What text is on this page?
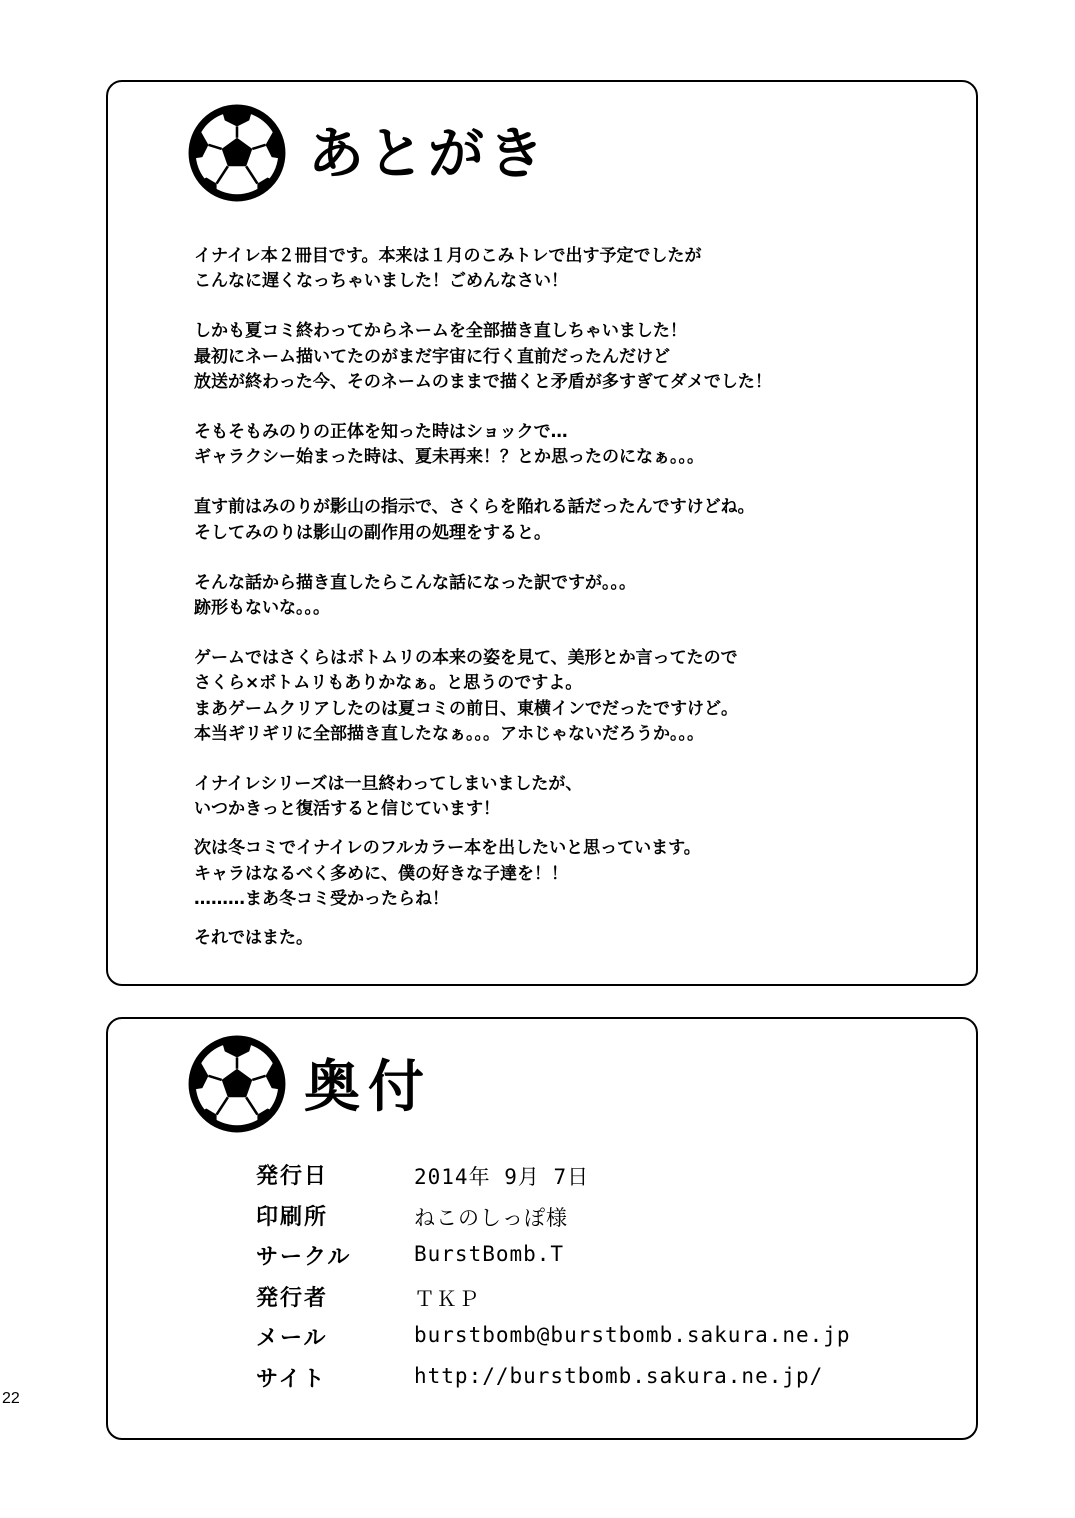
あとがき

イナイレ本２冊目です。本来は１月のこみトレで出す予定でしたが
こんなに遅くなっちゃいました！ごめんなさい！

しかも夏コミ終わってからネームを全部描き直しちゃいました！
最初にネーム描いてたのがまだ宇宙に行く直前だったんだけど
放送が終わった今、そのネームのままで描くと矛盾が多すぎてダメでした！

そもそもみのりの正体を知った時はショックで…
ギャラクシー始まった時は、夏未再来！？とか思ったのになぁ。。。

直す前はみのりが影山の指示で、さくらを陥れる話だったんですけどね。
そしてみのりは影山の副作用の処理をすると。

そんな話から描き直したらこんな話になった訳ですが。。。
跡形もないな。。。

ゲームではさくらはボトムリの本来の姿を見て、美形とか言ってたので
さくら×ボトムリもありかなぁ。と思うのですよ。
まあゲームクリアしたのは夏コミの前日、東横インでだったですけど。
本当ギリギリに全部描き直したなぁ。。。アホじゃないだろうか。。。

イナイレシリーズは一旦終わってしまいましたが、
いつかきっと復活すると信じています！

次は冬コミでイナイレのフルカラー本を出したいと思っています。
キャラはなるべく多めに、僕の好きな子達を！！
………まあ冬コミ受かったらね！

それではまた。

奥付
発行日	2014年 9月 7日
印刷所	ねこのしっぽ様
サークル	BurstBomb.T
発行者	ＴＫＰ
メール	burstbomb@burstbomb.sakura.ne.jp
サイト	http://burstbomb.sakura.ne.jp/
22
